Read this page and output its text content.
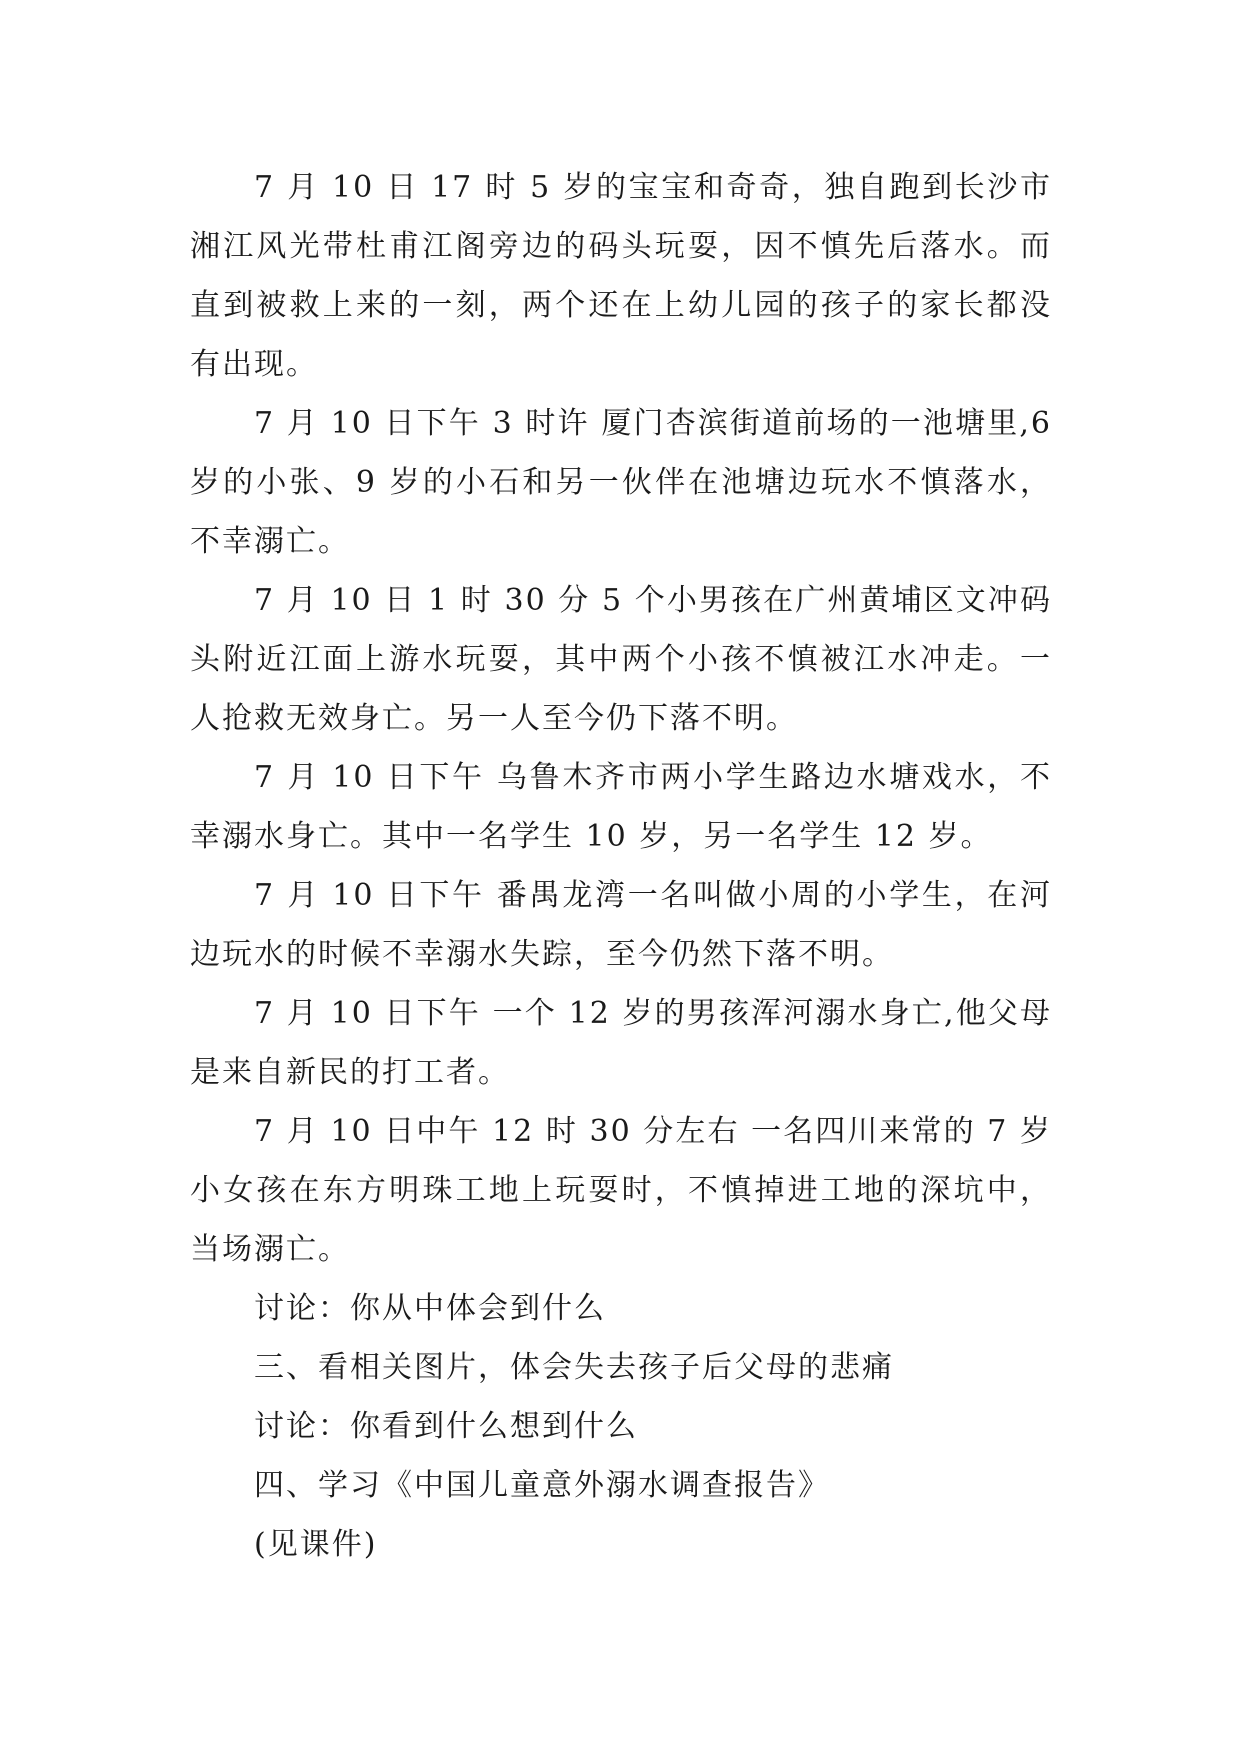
7 月 10 日 17 时 5 岁的宝宝和奇奇，独自跑到长沙市湘江风光带杜甫江阁旁边的码头玩耍，因不慎先后落水。而直到被救上来的一刻，两个还在上幼儿园的孩子的家长都没有出现。

7 月 10 日下午 3 时许 厦门杏滨街道前场的一池塘里,6 岁的小张、9 岁的小石和另一伙伴在池塘边玩水不慎落水，不幸溺亡。

7 月 10 日 1 时 30 分 5 个小男孩在广州黄埔区文冲码头附近江面上游水玩耍，其中两个小孩不慎被江水冲走。一人抢救无效身亡。另一人至今仍下落不明。

7 月 10 日下午 乌鲁木齐市两小学生路边水塘戏水，不幸溺水身亡。其中一名学生 10 岁，另一名学生 12 岁。

7 月 10 日下午 番禺龙湾一名叫做小周的小学生，在河边玩水的时候不幸溺水失踪，至今仍然下落不明。

7 月 10 日下午 一个 12 岁的男孩浑河溺水身亡,他父母是来自新民的打工者。

7 月 10 日中午 12 时 30 分左右 一名四川来常的 7 岁小女孩在东方明珠工地上玩耍时，不慎掉进工地的深坑中，当场溺亡。

讨论：你从中体会到什么

三、看相关图片，体会失去孩子后父母的悲痛

讨论：你看到什么想到什么

四、学习《中国儿童意外溺水调查报告》

(见课件)
